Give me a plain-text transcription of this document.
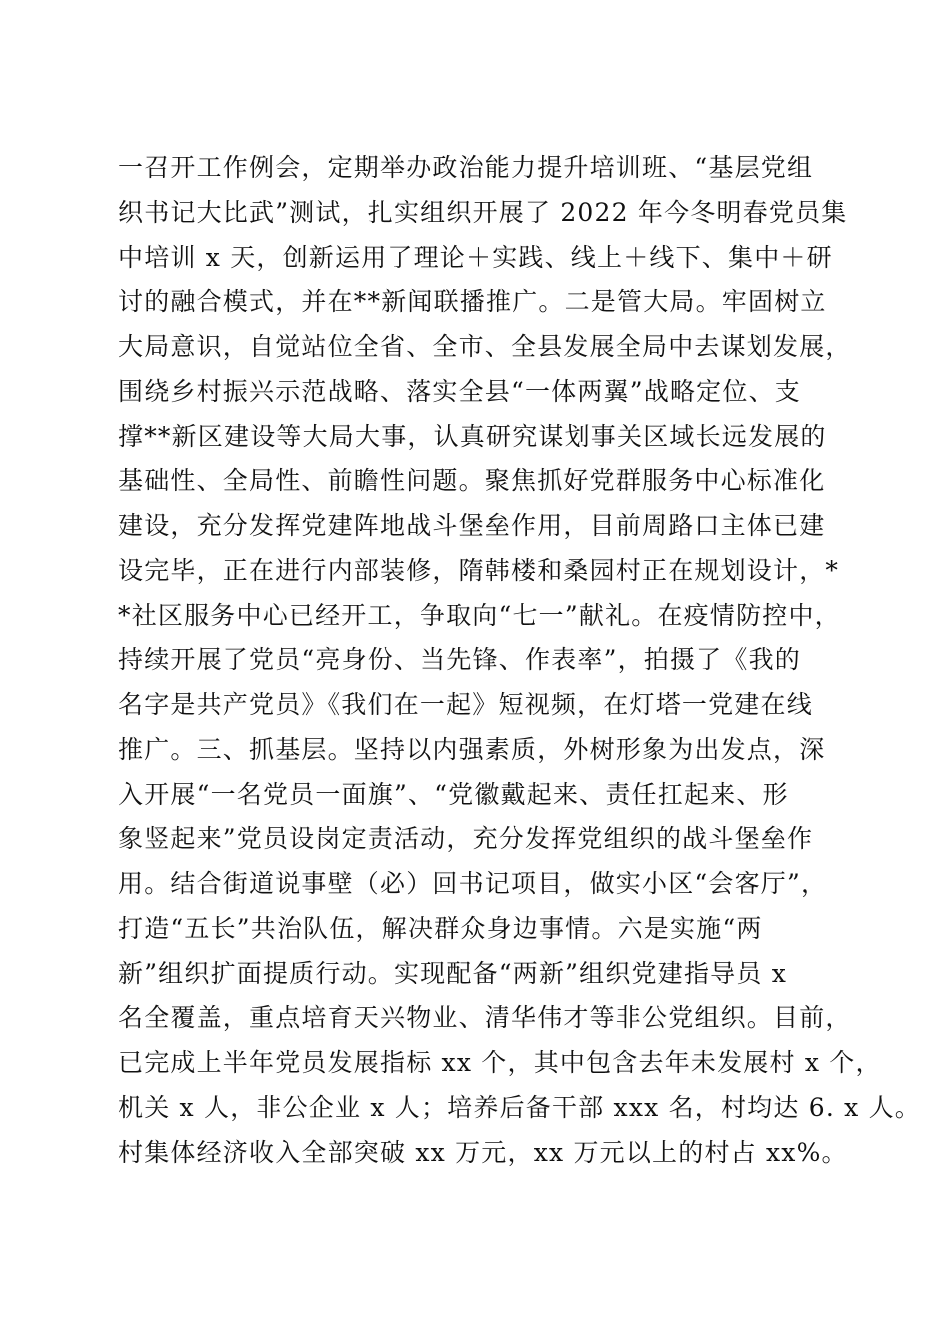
一召开工作例会，定期举办政治能力提升培训班、“基层党组
织书记大比武”测试，扎实组织开展了 2022 年今冬明春党员集
中培训 x 天，创新运用了理论＋实践、线上＋线下、集中＋研
讨的融合模式，并在**新闻联播推广。二是管大局。牢固树立
大局意识，自觉站位全省、全市、全县发展全局中去谋划发展，
围绕乡村振兴示范战略、落实全县“一体两翼”战略定位、支
撑**新区建设等大局大事，认真研究谋划事关区域长远发展的
基础性、全局性、前瞻性问题。聚焦抓好党群服务中心标准化
建设，充分发挥党建阵地战斗堡垒作用，目前周路口主体已建
设完毕，正在进行内部装修，隋韩楼和桑园村正在规划设计，*
*社区服务中心已经开工，争取向“七一”献礼。在疫情防控中，
持续开展了党员“亮身份、当先锋、作表率”，拍摄了《我的
名字是共产党员》《我们在一起》短视频，在灯塔一党建在线
推广。三、抓基层。坚持以内强素质，外树形象为出发点，深
入开展“一名党员一面旗”、“党徽戴起来、责任扛起来、形
象竖起来”党员设岗定责活动，充分发挥党组织的战斗堡垒作
用。结合街道说事壁（必）回书记项目，做实小区“会客厅”，
打造“五长”共治队伍，解决群众身边事情。六是实施“两
新”组织扩面提质行动。实现配备“两新”组织党建指导员 x
名全覆盖，重点培育天兴物业、清华伟才等非公党组织。目前，
已完成上半年党员发展指标 xx 个，其中包含去年未发展村 x 个，
机关 x 人，非公企业 x 人；培养后备干部 xxx 名，村均达 6. x 人。
村集体经济收入全部突破 xx 万元，xx 万元以上的村占 xx%。
